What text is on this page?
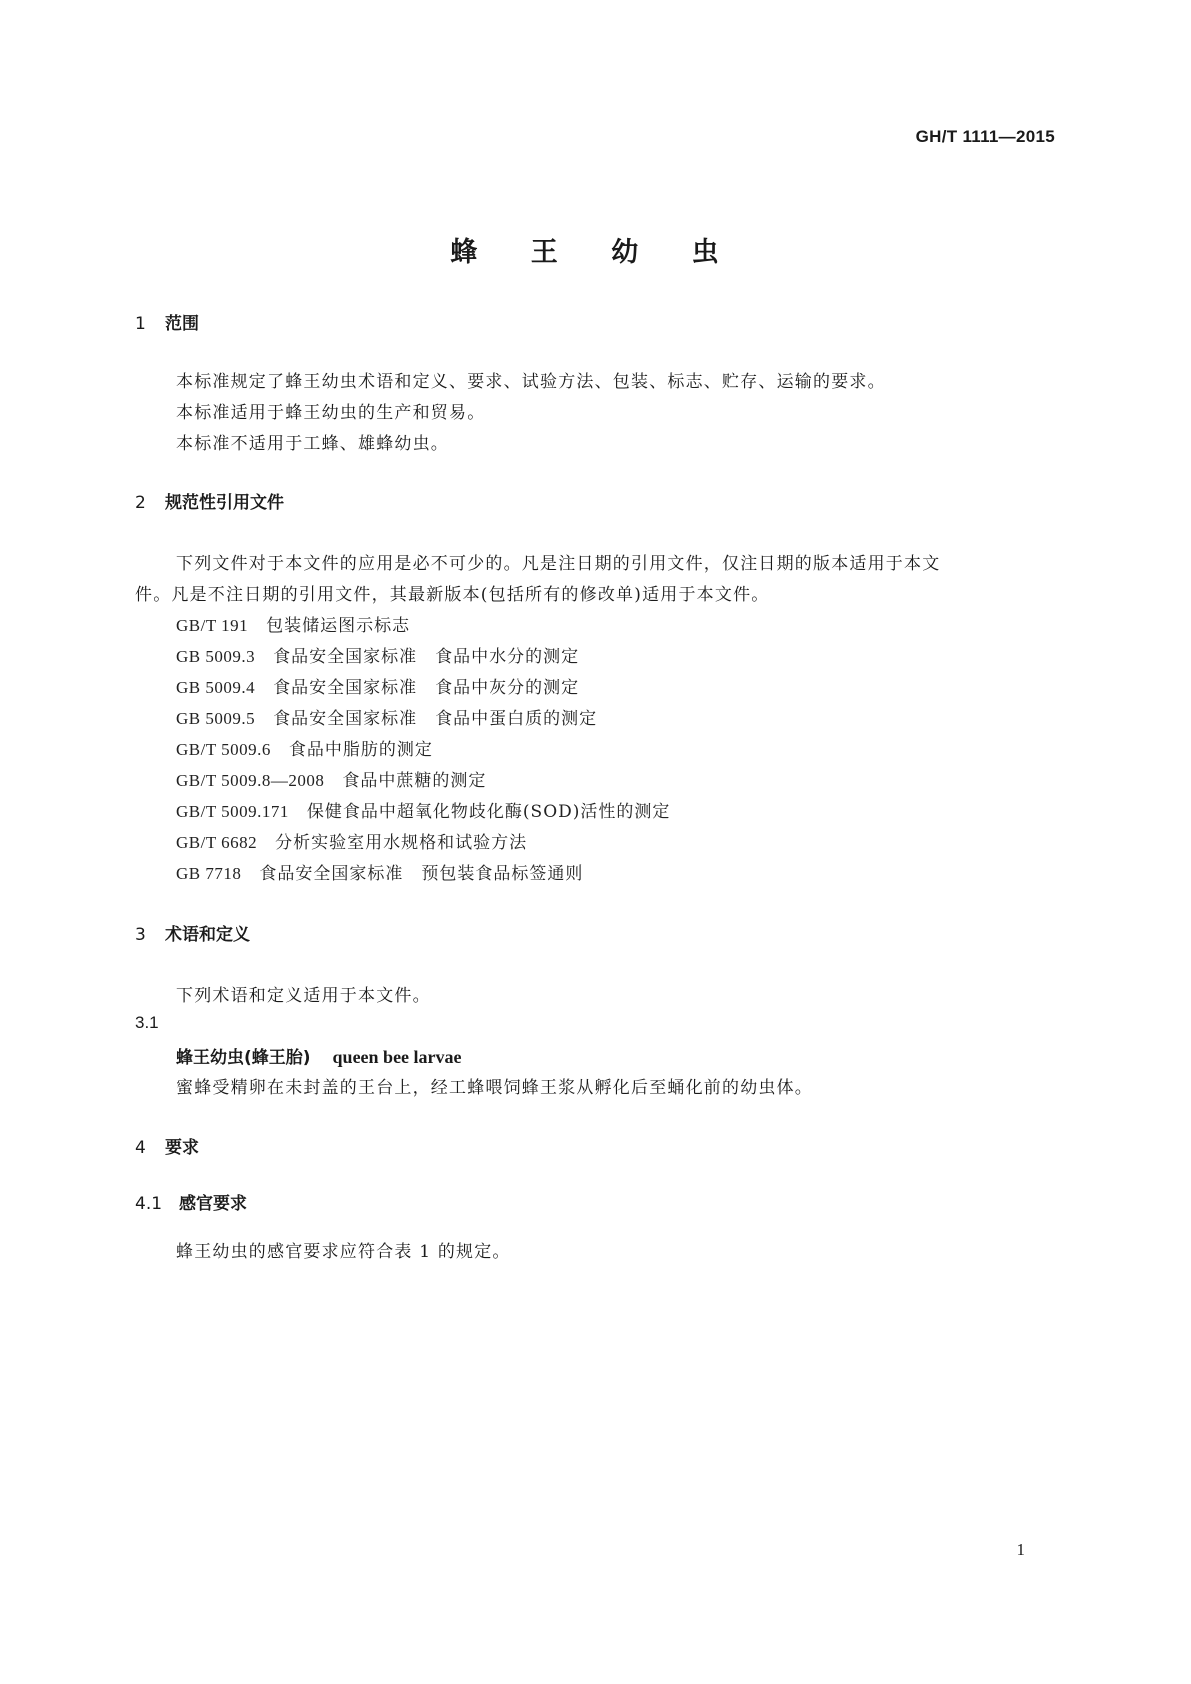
GH/T 1111—2015
蜂 王 幼 虫
1 范围
本标准规定了蜂王幼虫术语和定义、要求、试验方法、包装、标志、贮存、运输的要求。
本标准适用于蜂王幼虫的生产和贸易。
本标准不适用于工蜂、雄蜂幼虫。
2 规范性引用文件
下列文件对于本文件的应用是必不可少的。凡是注日期的引用文件，仅注日期的版本适用于本文
件。凡是不注日期的引用文件，其最新版本(包括所有的修改单)适用于本文件。
GB/T 191 包装储运图示标志
GB 5009.3 食品安全国家标准　食品中水分的测定
GB 5009.4 食品安全国家标准　食品中灰分的测定
GB 5009.5 食品安全国家标准　食品中蛋白质的测定
GB/T 5009.6 食品中脂肪的测定
GB/T 5009.8—2008 食品中蔗糖的测定
GB/T 5009.171 保健食品中超氧化物歧化酶(SOD)活性的测定
GB/T 6682 分析实验室用水规格和试验方法
GB 7718 食品安全国家标准　预包装食品标签通则
3 术语和定义
下列术语和定义适用于本文件。
3.1
蜂王幼虫(蜂王胎) queen bee larvae
蜜蜂受精卵在未封盖的王台上，经工蜂喂饲蜂王浆从孵化后至蛹化前的幼虫体。
4 要求
4.1 感官要求
蜂王幼虫的感官要求应符合表 1 的规定。
1
